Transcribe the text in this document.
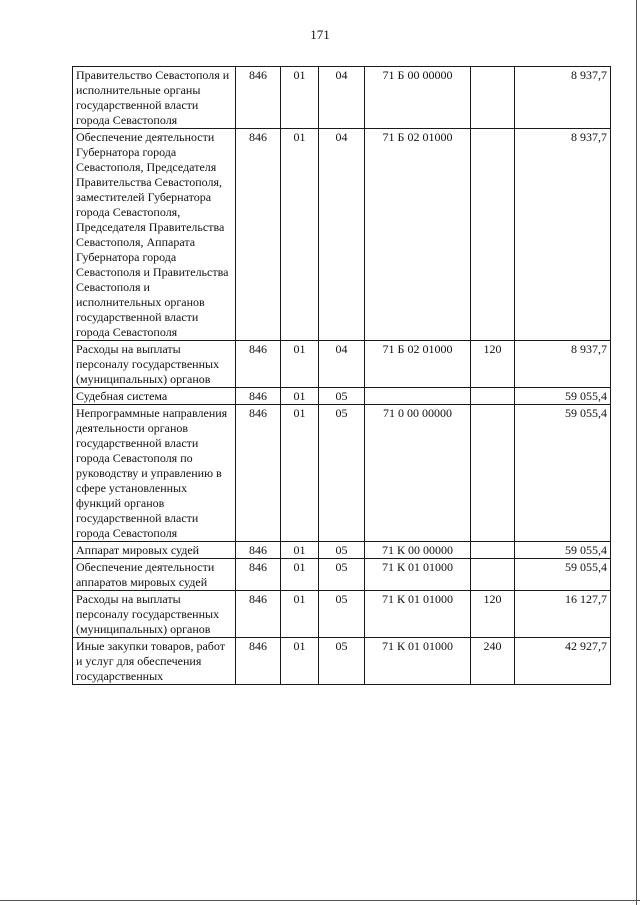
171
Правительство Севастополя и исполнительные органы государственной власти города Севастополя	846	01	04	71 Б 00 00000		8 937,7
Обеспечение деятельности Губернатора города Севастополя, Председателя Правительства Севастополя, заместителей Губернатора города Севастополя, Председателя Правительства Севастополя, Аппарата Губернатора города Севастополя и Правительства Севастополя и исполнительных органов государственной власти города Севастополя	846	01	04	71 Б 02 01000		8 937,7
Расходы на выплаты персоналу государственных (муниципальных) органов	846	01	04	71 Б 02 01000	120	8 937,7
Судебная система	846	01	05			59 055,4
Непрограммные направления деятельности органов государственной власти города Севастополя по руководству и управлению в сфере установленных функций органов государственной власти города Севастополя	846	01	05	71 0 00 00000		59 055,4
Аппарат мировых судей	846	01	05	71 К 00 00000		59 055,4
Обеспечение деятельности аппаратов мировых судей	846	01	05	71 К 01 01000		59 055,4
Расходы на выплаты персоналу государственных (муниципальных) органов	846	01	05	71 К 01 01000	120	16 127,7
Иные закупки товаров, работ и услуг для обеспечения государственных	846	01	05	71 К 01 01000	240	42 927,7
